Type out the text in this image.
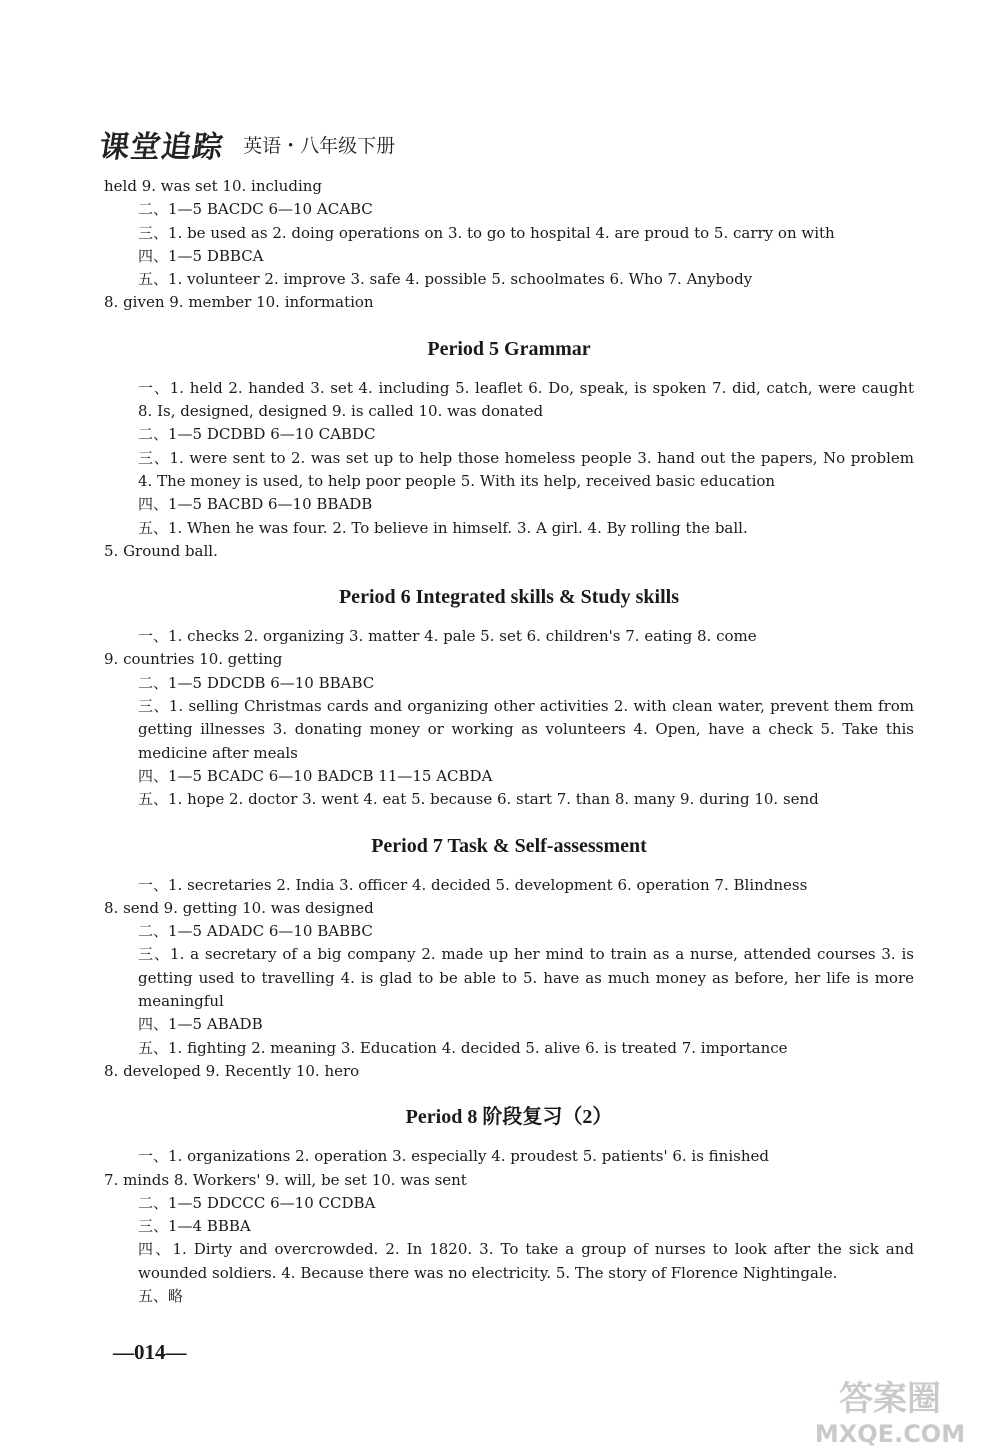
课堂追踪 英语・八年级下册
held 9. was set 10. including
二、1—5 BACDC 6—10 ACABC
三、1. be used as 2. doing operations on 3. to go to hospital 4. are proud to 5. carry on with
四、1—5 DBBCA
五、1. volunteer 2. improve 3. safe 4. possible 5. schoolmates 6. Who 7. Anybody
8. given 9. member 10. information
Period 5 Grammar
一、1. held 2. handed 3. set 4. including 5. leaflet 6. Do, speak, is spoken 7. did, catch, were caught 8. Is, designed, designed 9. is called 10. was donated
二、1—5 DCDBD 6—10 CABDC
三、1. were sent to 2. was set up to help those homeless people 3. hand out the papers, No problem 4. The money is used, to help poor people 5. With its help, received basic education
四、1—5 BACBD 6—10 BBADB
五、1. When he was four. 2. To believe in himself. 3. A girl. 4. By rolling the ball.
5. Ground ball.
Period 6 Integrated skills & Study skills
一、1. checks 2. organizing 3. matter 4. pale 5. set 6. children's 7. eating 8. come
9. countries 10. getting
二、1—5 DDCDB 6—10 BBABC
三、1. selling Christmas cards and organizing other activities 2. with clean water, prevent them from getting illnesses 3. donating money or working as volunteers 4. Open, have a check 5. Take this medicine after meals
四、1—5 BCADC 6—10 BADCB 11—15 ACBDA
五、1. hope 2. doctor 3. went 4. eat 5. because 6. start 7. than 8. many 9. during 10. send
Period 7 Task & Self-assessment
一、1. secretaries 2. India 3. officer 4. decided 5. development 6. operation 7. Blindness
8. send 9. getting 10. was designed
二、1—5 ADADC 6—10 BABBC
三、1. a secretary of a big company 2. made up her mind to train as a nurse, attended courses 3. is getting used to travelling 4. is glad to be able to 5. have as much money as before, her life is more meaningful
四、1—5 ABADB
五、1. fighting 2. meaning 3. Education 4. decided 5. alive 6. is treated 7. importance
8. developed 9. Recently 10. hero
Period 8 阶段复习（2）
一、1. organizations 2. operation 3. especially 4. proudest 5. patients' 6. is finished
7. minds 8. Workers' 9. will, be set 10. was sent
二、1—5 DDCCC 6—10 CCDBA
三、1—4 BBBA
四、1. Dirty and overcrowded. 2. In 1820. 3. To take a group of nurses to look after the sick and wounded soldiers. 4. Because there was no electricity. 5. The story of Florence Nightingale.
五、略
—014—
答案圈
MXQE.COM
